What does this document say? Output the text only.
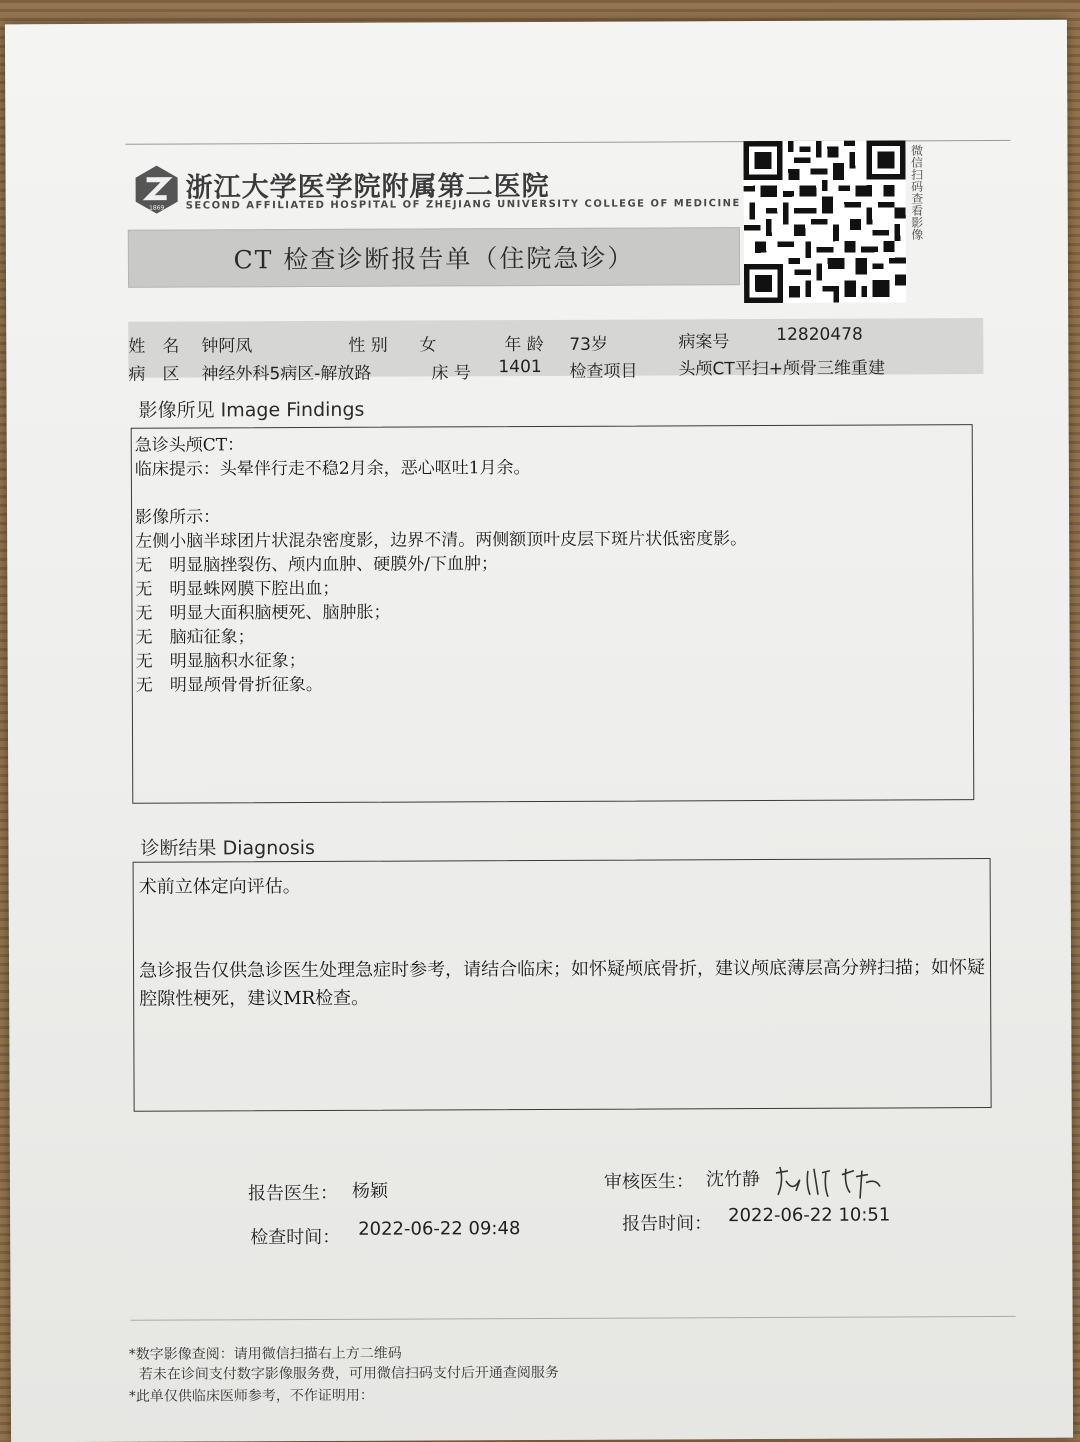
1869
浙江大学医学院附属第二医院
SECOND AFFILIATED HOSPITAL OF ZHEJIANG UNIVERSITY COLLEGE OF MEDICINE
CT 检查诊断报告单（住院急诊）
微信扫码查看影像
姓　名 钟阿凤	性 别 女	年 龄 73岁	病案号	12820478
病　区 神经外科5病区-解放路	床 号 1401 检查项目 头颅CT平扫+颅骨三维重建
影像所见 Image Findings
急诊头颅CT：
临床提示：头晕伴行走不稳2月余，恶心呕吐1月余。
影像所示：
左侧小脑半球团片状混杂密度影，边界不清。两侧额顶叶皮层下斑片状低密度影。
无　明显脑挫裂伤、颅内血肿、硬膜外/下血肿；
无　明显蛛网膜下腔出血；
无　明显大面积脑梗死、脑肿胀；
无　脑疝征象；
无　明显脑积水征象；
无　明显颅骨骨折征象。
诊断结果 Diagnosis
术前立体定向评估。
急诊报告仅供急诊医生处理急症时参考，请结合临床；如怀疑颅底骨折，建议颅底薄层高分辨扫描；如怀疑腔隙性梗死，建议MR检查。
报告医生： 杨颖	审核医生： 沈竹静
检查时间： 2022-06-22 09:48	报告时间： 2022-06-22 10:51
*数字影像查阅：请用微信扫描右上方二维码
若未在诊间支付数字影像服务费，可用微信扫码支付后开通查阅服务
*此单仅供临床医师参考，不作证明用：
